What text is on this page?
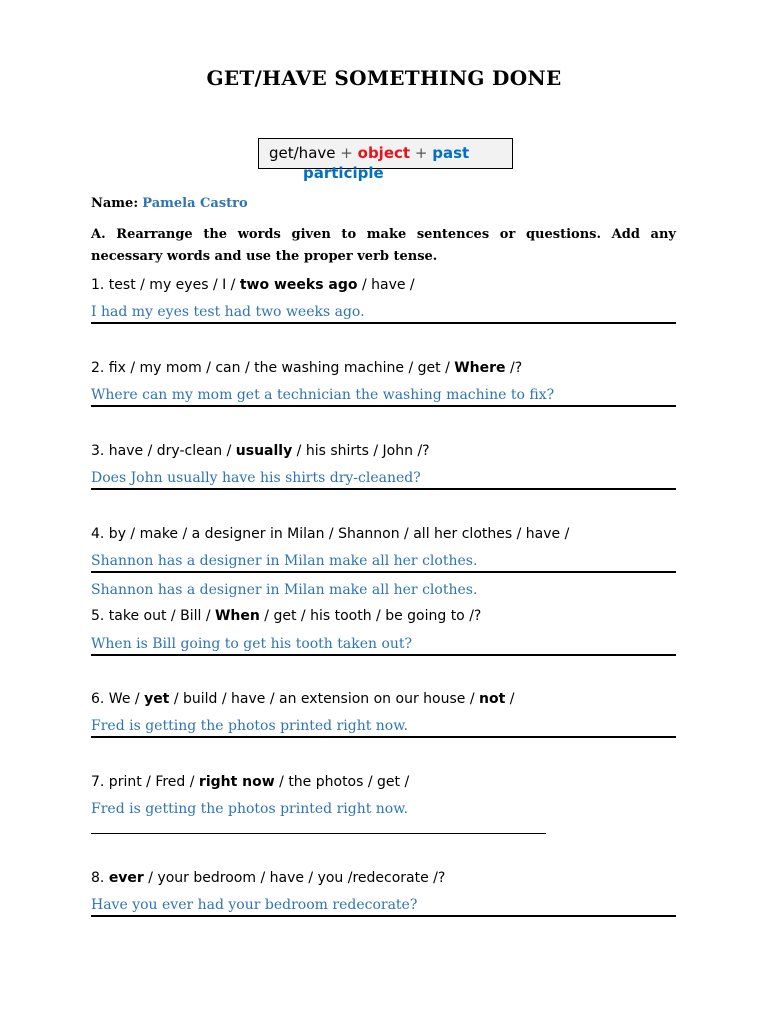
GET/HAVE SOMETHING DONE
get/have + object + past
participle
Name: Pamela Castro
A. Rearrange the words given to make sentences or questions. Add any necessary words and use the proper verb tense.
1. test / my eyes / I / two weeks ago / have /
I had my eyes test had two weeks ago.
2. fix / my mom / can / the washing machine / get / Where /?
Where can my mom get a technician the washing machine to fix?
3. have / dry-clean / usually / his shirts / John /?
Does John usually have his shirts dry-cleaned?
4. by / make / a designer in Milan / Shannon / all her clothes / have /
Shannon has a designer in Milan make all her clothes.
Shannon has a designer in Milan make all her clothes.
5. take out / Bill / When / get / his tooth / be going to /?
When is Bill going to get his tooth taken out?
6. We / yet / build / have / an extension on our house / not /
Fred is getting the photos printed right now.
7. print / Fred / right now / the photos / get /
Fred is getting the photos printed right now.
8. ever / your bedroom / have / you /redecorate /?
Have you ever had your bedroom redecorate?
